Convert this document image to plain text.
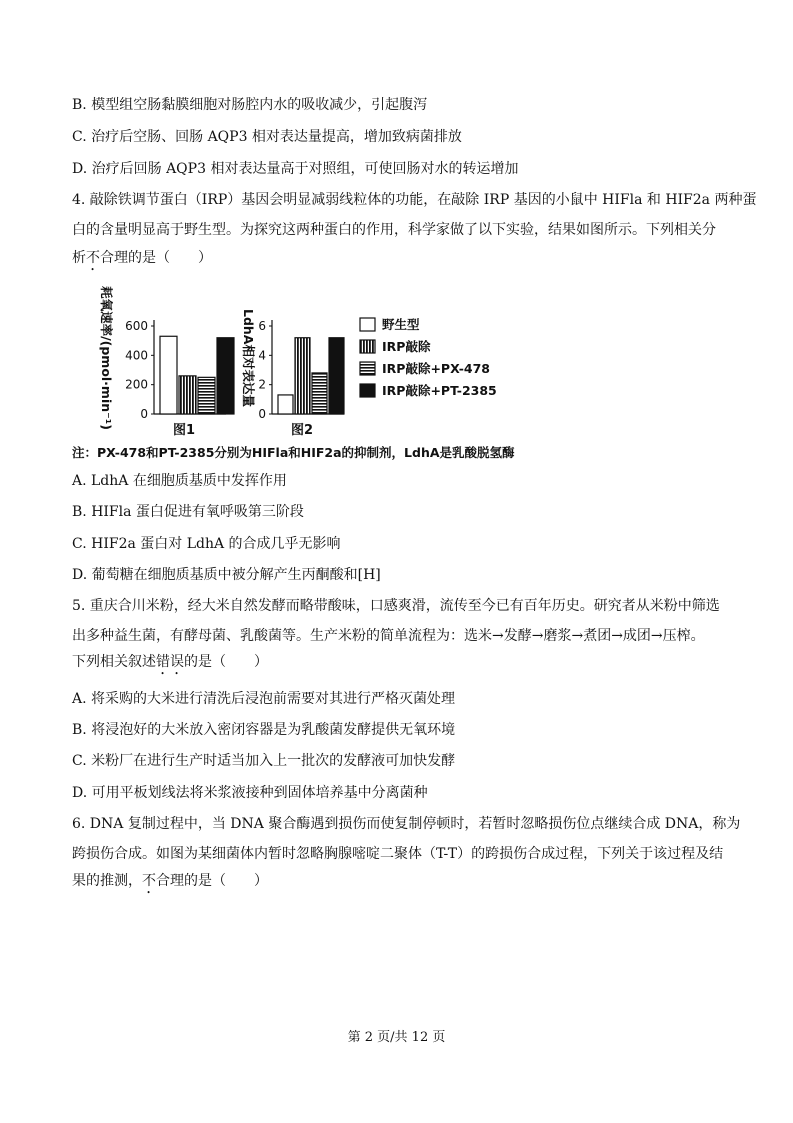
B. 模型组空肠黏膜细胞对肠腔内水的吸收减少，引起腹泻
C. 治疗后空肠、回肠 AQP3 相对表达量提高，增加致病菌排放
D. 治疗后回肠 AQP3 相对表达量高于对照组，可使回肠对水的转运增加
4. 敲除铁调节蛋白（IRP）基因会明显减弱线粒体的功能，在敲除 IRP 基因的小鼠中 HIFla 和 HIF2a 两种蛋
白的含量明显高于野生型。为探究这两种蛋白的作用，科学家做了以下实验，结果如图所示。下列相关分
析不合理的是（　　）
0
200
400
600
耗氧速率/(pmol·min⁻¹)
图1
0
2
4
6
LdhA相对表达量
图2
野生型
IRP敲除
IRP敲除+PX-478
IRP敲除+PT-2385
注：PX-478和PT-2385分别为HIFla和HIF2a的抑制剂，LdhA是乳酸脱氢酶
A. LdhA 在细胞质基质中发挥作用
B. HIFla 蛋白促进有氧呼吸第三阶段
C. HIF2a 蛋白对 LdhA 的合成几乎无影响
D. 葡萄糖在细胞质基质中被分解产生丙酮酸和[H]
5. 重庆合川米粉，经大米自然发酵而略带酸味，口感爽滑，流传至今已有百年历史。研究者从米粉中筛选
出多种益生菌，有酵母菌、乳酸菌等。生产米粉的简单流程为：选米→发酵→磨浆→煮团→成团→压榨。
下列相关叙述错误的是（　　）
A. 将采购的大米进行清洗后浸泡前需要对其进行严格灭菌处理
B. 将浸泡好的大米放入密闭容器是为乳酸菌发酵提供无氧环境
C. 米粉厂在进行生产时适当加入上一批次的发酵液可加快发酵
D. 可用平板划线法将米浆液接种到固体培养基中分离菌种
6. DNA 复制过程中，当 DNA 聚合酶遇到损伤而使复制停顿时，若暂时忽略损伤位点继续合成 DNA，称为
跨损伤合成。如图为某细菌体内暂时忽略胸腺嘧啶二聚体（T-T）的跨损伤合成过程，下列关于该过程及结
果的推测，不合理的是（　　）
第 2 页/共 12 页
